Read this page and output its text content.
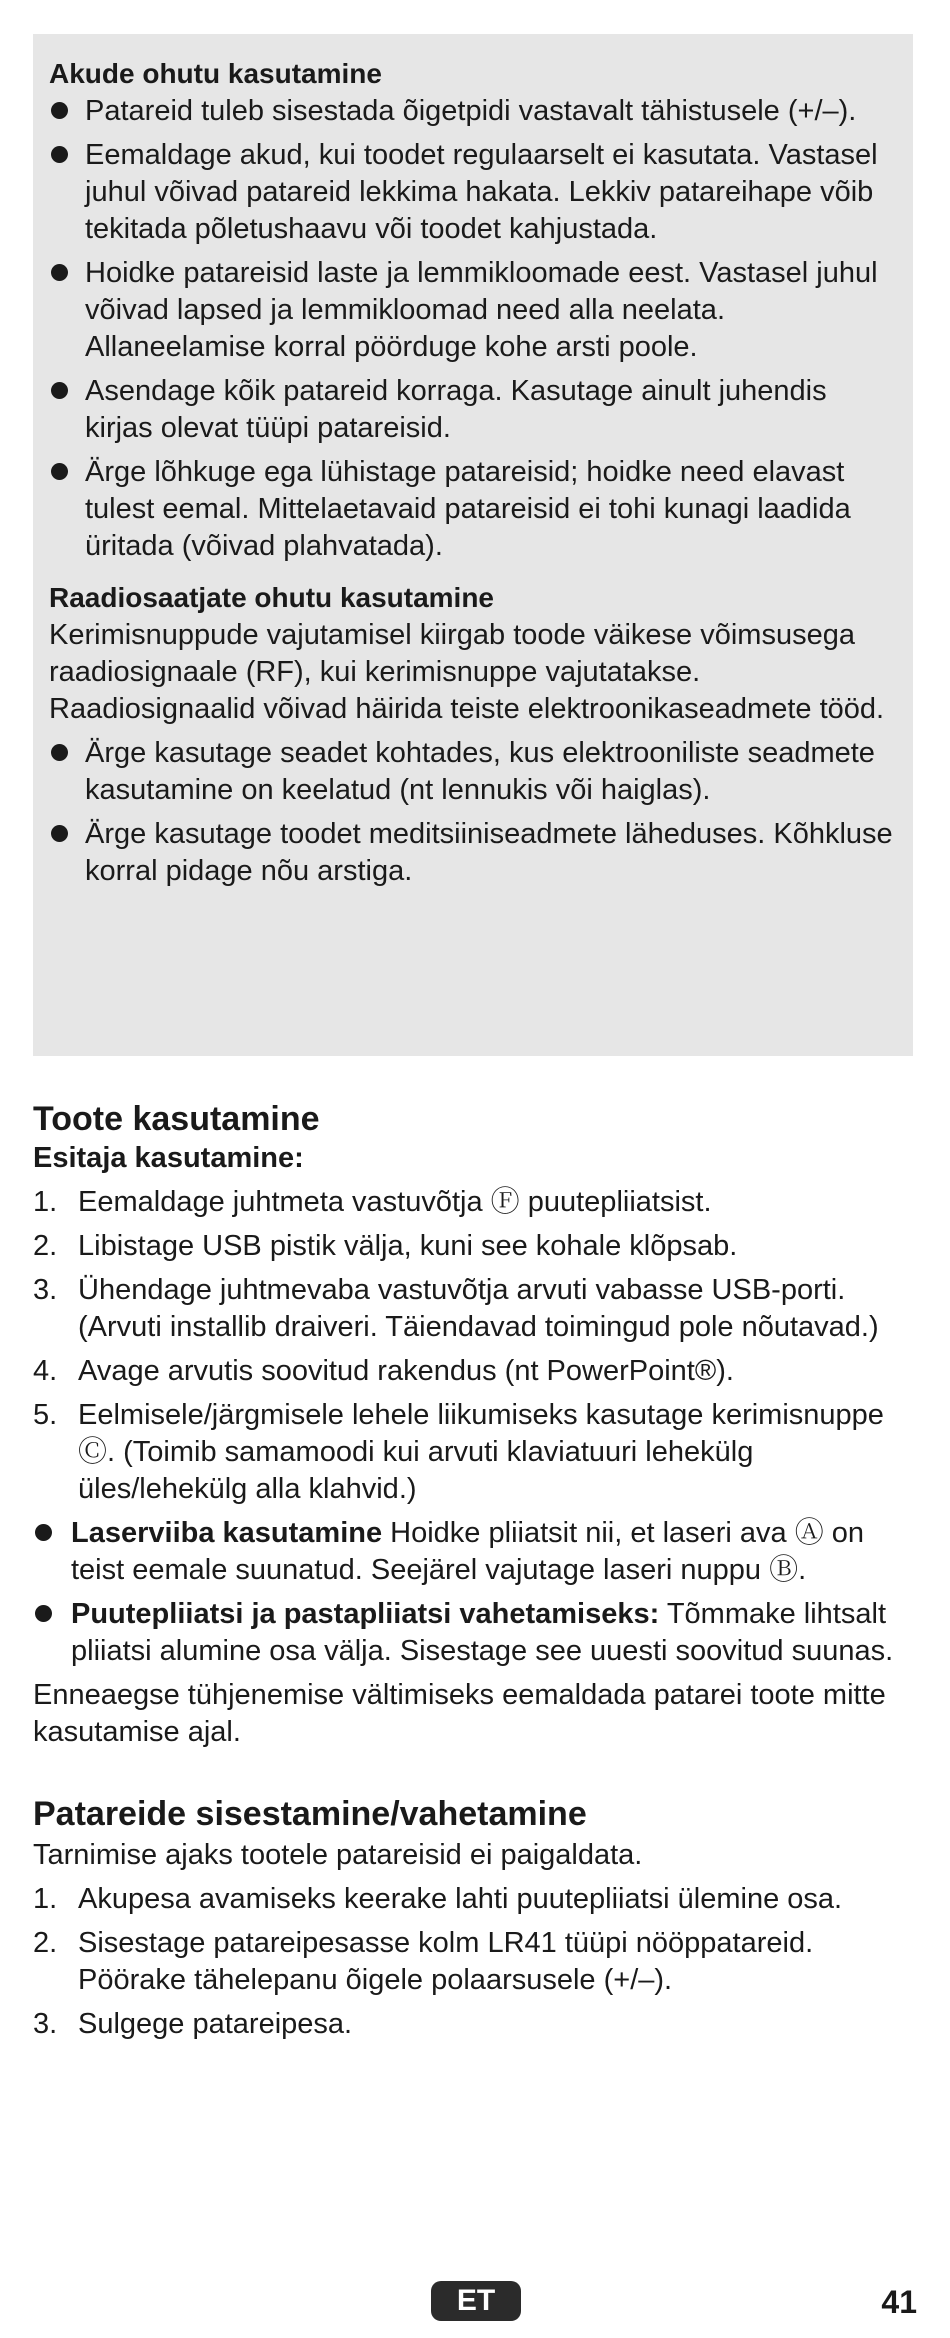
Akude ohutu kasutamine
Patareid tuleb sisestada õigetpidi vastavalt tähistusele (+/–).
Eemaldage akud, kui toodet regulaarselt ei kasutata. Vastasel juhul võivad patareid lekkima hakata. Lekkiv patareihape võib tekitada põletushaavu või toodet kahjustada.
Hoidke patareisid laste ja lemmikloomade eest. Vastasel juhul võivad lapsed ja lemmikloomad need alla neelata. Allaneelamise korral pöörduge kohe arsti poole.
Asendage kõik patareid korraga. Kasutage ainult juhendis kirjas olevat tüüpi patareisid.
Ärge lõhkuge ega lühistage patareisid; hoidke need elavast tulest eemal. Mittelaetavaid patareisid ei tohi kunagi laadida üritada (võivad plahvatada).
Raadiosaatjate ohutu kasutamine

Kerimisnuppude vajutamisel kiirgab toode väikese võimsusega raadiosignaale (RF), kui kerimisnuppe vajutatakse. Raadiosignaalid võivad häirida teiste elektroonikaseadmete tööd.

Ärge kasutage seadet kohtades, kus elektrooniliste seadmete kasutamine on keelatud (nt lennukis või haiglas).
Ärge kasutage toodet meditsiiniseadmete läheduses. Kõhkluse korral pidage nõu arstiga.
Toote kasutamine
Esitaja kasutamine:
1. Eemaldage juhtmeta vastuvõtja Ⓕ puutepliiatsist.
2. Libistage USB pistik välja, kuni see kohale klõpsab.
3. Ühendage juhtmevaba vastuvõtja arvuti vabasse USB-porti. (Arvuti installib draiveri. Täiendavad toimingud pole nõutavad.)
4. Avage arvutis soovitud rakendus (nt PowerPoint®).
5. Eelmisele/järgmisele lehele liikumiseks kasutage kerimisnuppe Ⓒ. (Toimib samamoodi kui arvuti klaviatuuri lehekülg üles/lehekülg alla klahvid.)
Laserviiba kasutamine Hoidke pliiatsit nii, et laseri ava Ⓐ on teist eemale suunatud. Seejärel vajutage laseri nuppu Ⓑ.
Puutepliiatsi ja pastapliiatsi vahetamiseks: Tõmmake lihtsalt pliiatsi alumine osa välja. Sisestage see uuesti soovitud suunas.

Enneaegse tühjenemise vältimiseks eemaldada patarei toote mitte kasutamise ajal.

Patareide sisestamine/vahetamine

Tarnimise ajaks tootele patareisid ei paigaldata.

1. Akupesa avamiseks keerake lahti puutepliiatsi ülemine osa.
2. Sisestage patareipesasse kolm LR41 tüüpi nööppatareid. Pöörake tähelepanu õigele polaarsusele (+/–).
3. Sulgege patareipesa.
ET	41
